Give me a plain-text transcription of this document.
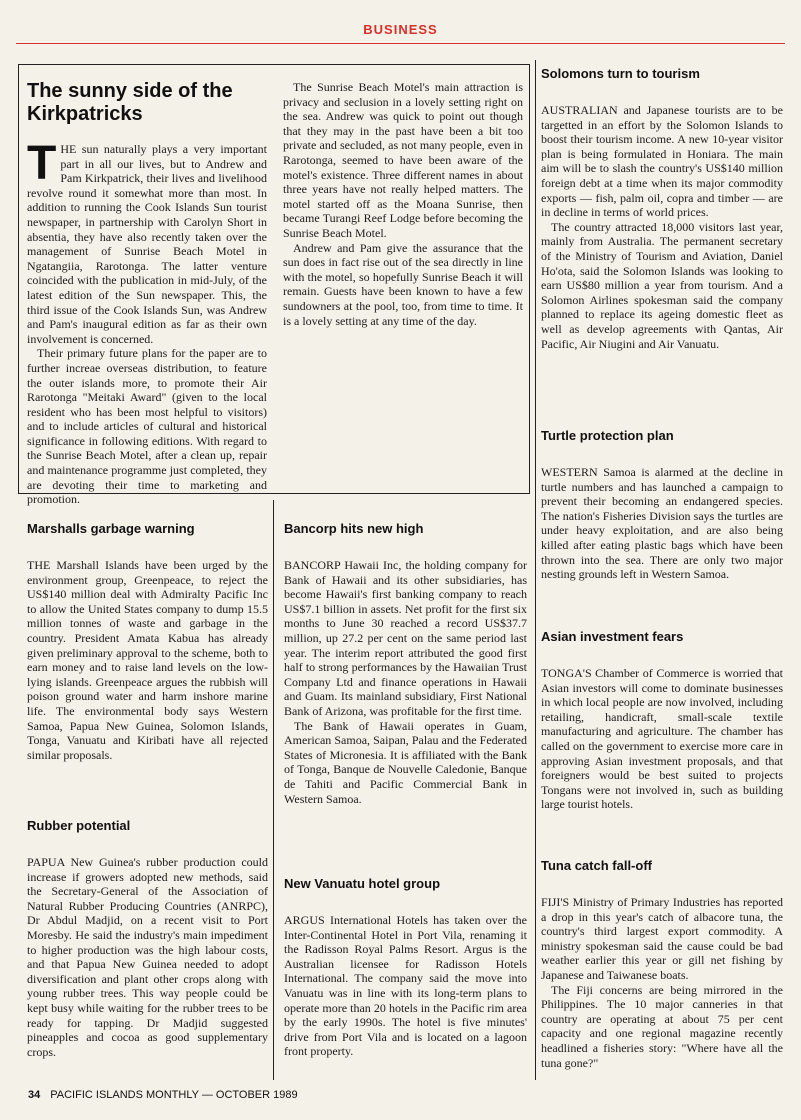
BUSINESS
The sunny side of the Kirkpatricks

THE sun naturally plays a very important part in all our lives, but to Andrew and Pam Kirkpatrick, their lives and livelihood revolve round it somewhat more than most. In addition to running the Cook Islands Sun tourist newspaper, in partnership with Carolyn Short in absentia, they have also recently taken over the management of Sunrise Beach Motel in Ngatangiia, Rarotonga. The latter venture coincided with the publication in mid-July, of the latest edition of the Sun newspaper. This, the third issue of the Cook Islands Sun, was Andrew and Pam's inaugural edition as far as their own involvement is concerned.

Their primary future plans for the paper are to further increae overseas distribution, to feature the outer islands more, to promote their Air Rarotonga "Meitaki Award" (given to the local resident who has been most helpful to visitors) and to include articles of cultural and historical significance in following editions. With regard to the Sunrise Beach Motel, after a clean up, repair and maintenance programme just completed, they are devoting their time to marketing and promotion.

The Sunrise Beach Motel's main attraction is privacy and seclusion in a lovely setting right on the sea. Andrew was quick to point out though that they may in the past have been a bit too private and secluded, as not many people, even in Rarotonga, seemed to have been aware of the motel's existence. Three different names in about three years have not really helped matters. The motel started off as the Moana Sunrise, then became Turangi Reef Lodge before becoming the Sunrise Beach Motel.

Andrew and Pam give the assurance that the sun does in fact rise out of the sea directly in line with the motel, so hopefully Sunrise Beach it will remain. Guests have been known to have a few sundowners at the pool, too, from time to time. It is a lovely setting at any time of the day.

Marshalls garbage warning

THE Marshall Islands have been urged by the environment group, Greenpeace, to reject the US$140 million deal with Admiralty Pacific Inc to allow the United States company to dump 15.5 million tonnes of waste and garbage in the country. President Amata Kabua has already given preliminary approval to the scheme, both to earn money and to raise land levels on the low-lying islands. Greenpeace argues the rubbish will poison ground water and harm inshore marine life. The environmental body says Western Samoa, Papua New Guinea, Solomon Islands, Tonga, Vanuatu and Kiribati have all rejected similar proposals.

Rubber potential

PAPUA New Guinea's rubber production could increase if growers adopted new methods, said the Secretary-General of the Association of Natural Rubber Producing Countries (ANRPC), Dr Abdul Madjid, on a recent visit to Port Moresby. He said the industry's main impediment to higher production was the high labour costs, and that Papua New Guinea needed to adopt diversification and plant other crops along with young rubber trees. This way people could be kept busy while waiting for the rubber trees to be ready for tapping. Dr Madjid suggested pineapples and cocoa as good supplementary crops.

Bancorp hits new high

BANCORP Hawaii Inc, the holding company for Bank of Hawaii and its other subsidiaries, has become Hawaii's first banking company to reach US$7.1 billion in assets. Net profit for the first six months to June 30 reached a record US$37.7 million, up 27.2 per cent on the same period last year. The interim report attributed the good first half to strong performances by the Hawaiian Trust Company Ltd and finance operations in Hawaii and Guam. Its mainland subsidiary, First National Bank of Arizona, was profitable for the first time.

The Bank of Hawaii operates in Guam, American Samoa, Saipan, Palau and the Federated States of Micronesia. It is affiliated with the Bank of Tonga, Banque de Nouvelle Caledonie, Banque de Tahiti and Pacific Commercial Bank in Western Samoa.

New Vanuatu hotel group

ARGUS International Hotels has taken over the Inter-Continental Hotel in Port Vila, renaming it the Radisson Royal Palms Resort. Argus is the Australian licensee for Radisson Hotels International. The company said the move into Vanuatu was in line with its long-term plans to operate more than 20 hotels in the Pacific rim area by the early 1990s. The hotel is five minutes' drive from Port Vila and is located on a lagoon front property.

Solomons turn to tourism

AUSTRALIAN and Japanese tourists are to be targetted in an effort by the Solomon Islands to boost their tourism income. A new 10-year visitor plan is being formulated in Honiara. The main aim will be to slash the country's US$140 million foreign debt at a time when its major commodity exports — fish, palm oil, copra and timber — are in decline in terms of world prices.

The country attracted 18,000 visitors last year, mainly from Australia. The permanent secretary of the Ministry of Tourism and Aviation, Daniel Ho'ota, said the Solomon Islands was looking to earn US$80 million a year from tourism. And a Solomon Airlines spokesman said the company planned to replace its ageing domestic fleet as well as develop agreements with Qantas, Air Pacific, Air Niugini and Air Vanuatu.

Turtle protection plan

WESTERN Samoa is alarmed at the decline in turtle numbers and has launched a campaign to prevent their becoming an endangered species. The nation's Fisheries Division says the turtles are under heavy exploitation, and are also being killed after eating plastic bags which have been thrown into the sea. There are only two major nesting grounds left in Western Samoa.

Asian investment fears

TONGA'S Chamber of Commerce is worried that Asian investors will come to dominate businesses in which local people are now involved, including retailing, handicraft, small-scale textile manufacturing and agriculture. The chamber has called on the government to exercise more care in approving Asian investment proposals, and that foreigners would be best suited to projects Tongans were not involved in, such as building large tourist hotels.

Tuna catch fall-off

FIJI'S Ministry of Primary Industries has reported a drop in this year's catch of albacore tuna, the country's third largest export commodity. A ministry spokesman said the cause could be bad weather earlier this year or gill net fishing by Japanese and Taiwanese boats.

The Fiji concerns are being mirrored in the Philippines. The 10 major canneries in that country are operating at about 75 per cent capacity and one regional magazine recently headlined a fisheries story: "Where have all the tuna gone?"

34 PACIFIC ISLANDS MONTHLY — OCTOBER 1989
